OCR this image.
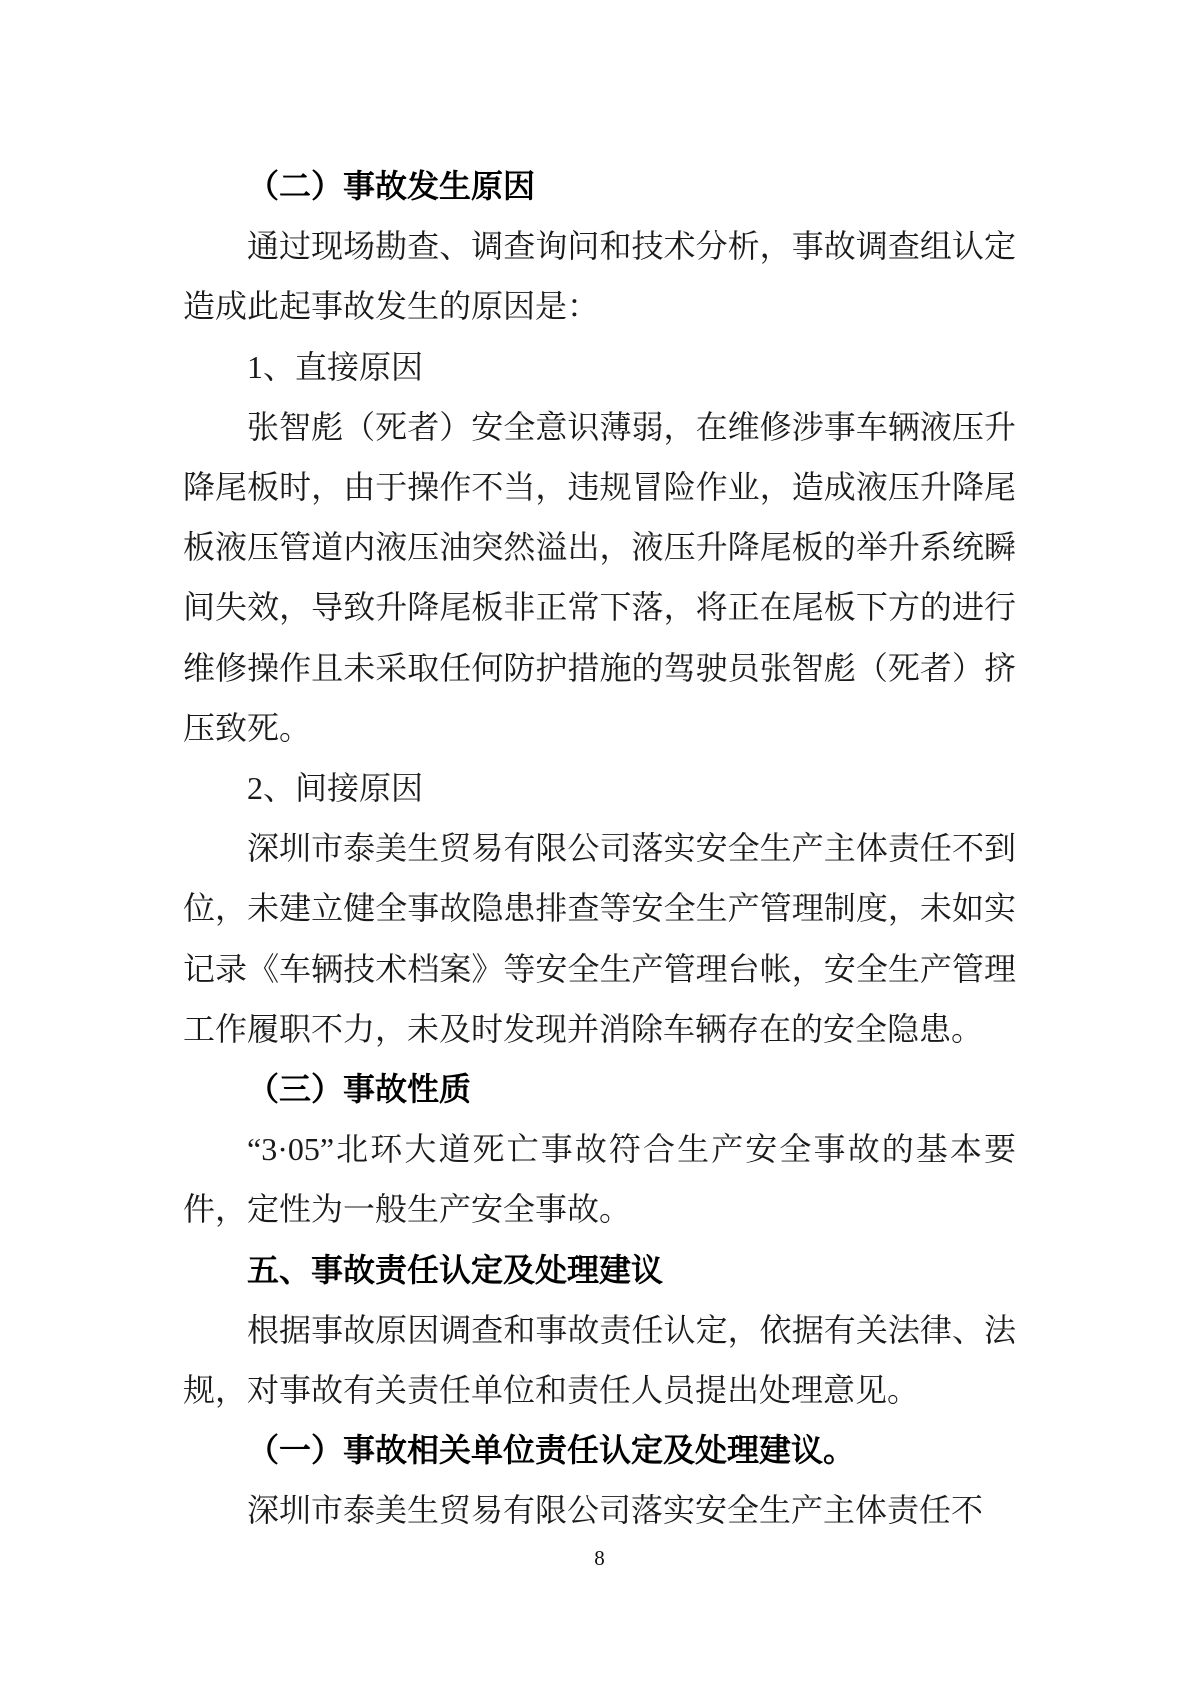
（二）事故发生原因

通过现场勘查、调查询问和技术分析，事故调查组认定造成此起事故发生的原因是：

1、直接原因

张智彪（死者）安全意识薄弱，在维修涉事车辆液压升降尾板时，由于操作不当，违规冒险作业，造成液压升降尾板液压管道内液压油突然溢出，液压升降尾板的举升系统瞬间失效，导致升降尾板非正常下落，将正在尾板下方的进行维修操作且未采取任何防护措施的驾驶员张智彪（死者）挤压致死。

2、间接原因

深圳市泰美生贸易有限公司落实安全生产主体责任不到位，未建立健全事故隐患排查等安全生产管理制度，未如实记录《车辆技术档案》等安全生产管理台帐，安全生产管理工作履职不力，未及时发现并消除车辆存在的安全隐患。

（三）事故性质

“3·05”北环大道死亡事故符合生产安全事故的基本要件，定性为一般生产安全事故。

五、事故责任认定及处理建议

根据事故原因调查和事故责任认定，依据有关法律、法规，对事故有关责任单位和责任人员提出处理意见。

（一）事故相关单位责任认定及处理建议。

深圳市泰美生贸易有限公司落实安全生产主体责任不

8
